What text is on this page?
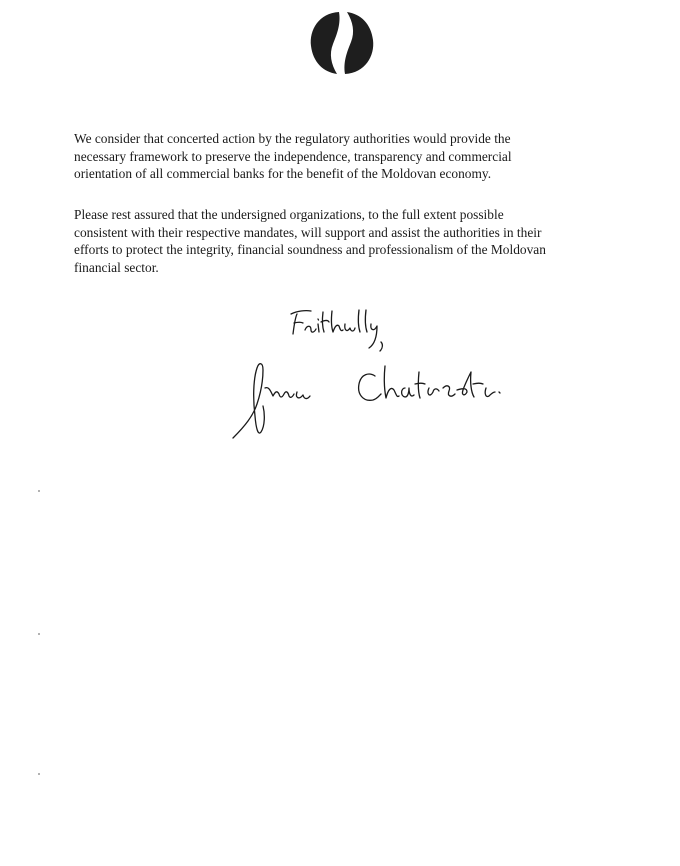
We consider that concerted action by the regulatory authorities would provide the
necessary framework to preserve the independence, transparency and commercial
orientation of all commercial banks for the benefit of the Moldovan economy.

Please rest assured that the undersigned organizations, to the full extent possible
consistent with their respective mandates, will support and assist the authorities in their
efforts to protect the integrity, financial soundness and professionalism of the Moldovan
financial sector.
